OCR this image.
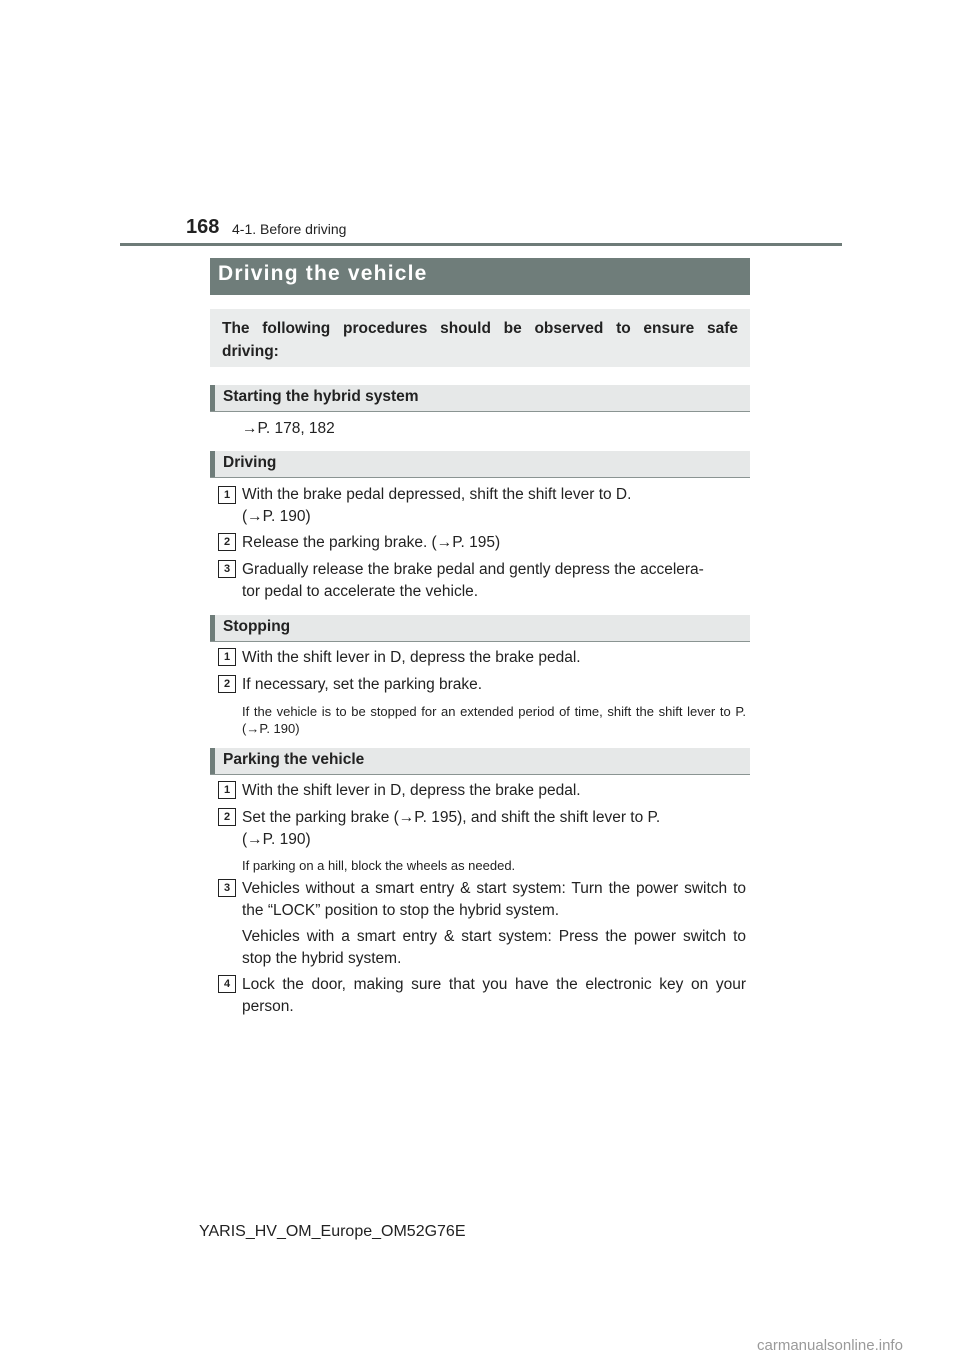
168 4-1. Before driving
Driving the vehicle
The following procedures should be observed to ensure safe driving:
Starting the hybrid system
→P. 178, 182
Driving
1 With the brake pedal depressed, shift the shift lever to D.
(→P. 190)
2 Release the parking brake. (→P. 195)
3 Gradually release the brake pedal and gently depress the accelera-
tor pedal to accelerate the vehicle.
Stopping
1 With the shift lever in D, depress the brake pedal.
2 If necessary, set the parking brake.
If the vehicle is to be stopped for an extended period of time, shift the shift lever to P. (→P. 190)
Parking the vehicle
1 With the shift lever in D, depress the brake pedal.
2 Set the parking brake (→P. 195), and shift the shift lever to P.
(→P. 190)
If parking on a hill, block the wheels as needed.
3 Vehicles without a smart entry & start system: Turn the power switch to the “LOCK” position to stop the hybrid system.
Vehicles with a smart entry & start system: Press the power switch to stop the hybrid system.
4 Lock the door, making sure that you have the electronic key on your person.
YARIS_HV_OM_Europe_OM52G76E
carmanualsonline.info
